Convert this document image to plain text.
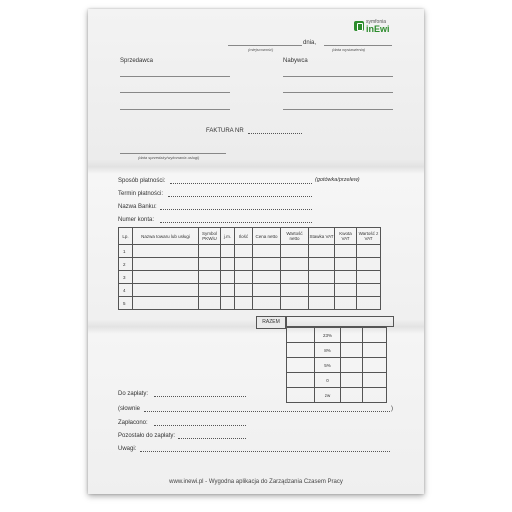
symfonia
inEwi
dnia,
(miejscowość)	(data wystawienia)
Sprzedawca	Nabywca
FAKTURA NR
(data sprzedaży/wykonania usługi)
Sposób płatności:	(gotówka/przelew)
Termin płatności:
Nazwa Banku:
Numer konta:
Lp.	Nazwa towaru lub usługi	Symbol PKWiU	j.m.	Ilość	Cena netto	Wartość netto	Stawka VAT	Kwota VAT	Wartość z VAT
1									
2									
3									
4									
5									
RAZEM
	23%		
	8%		
	5%		
	0		
	zw		
Do zapłaty:
(słownie	)
Zapłacono:
Pozostało do zapłaty:
Uwagi:
www.inewi.pl - Wygodna aplikacja do Zarządzania Czasem Pracy
